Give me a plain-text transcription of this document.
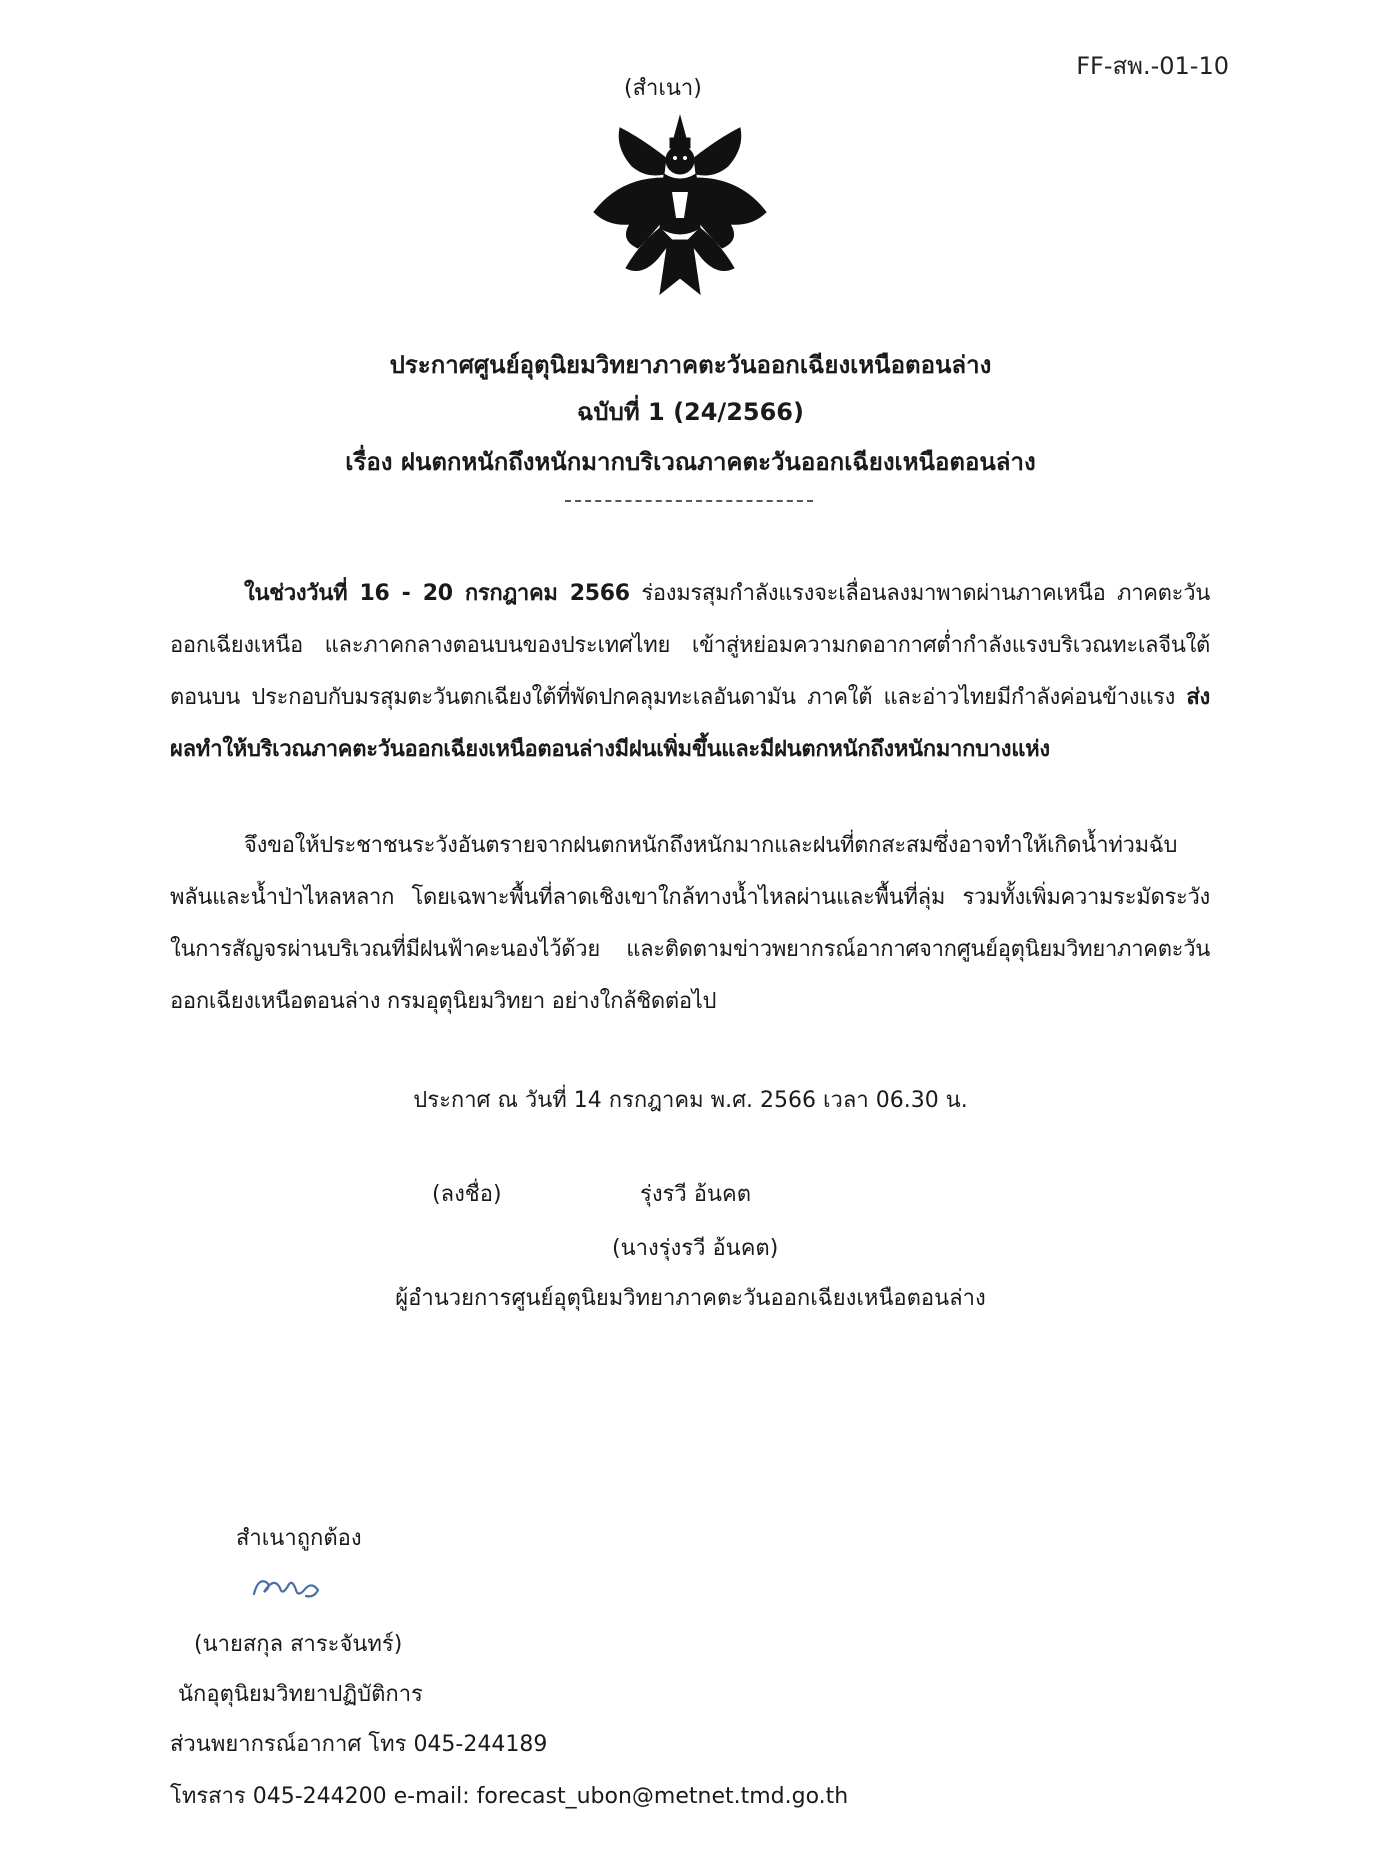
FF-สพ.-01-10
(สำเนา)
ประกาศศูนย์อุตุนิยมวิทยาภาคตะวันออกเฉียงเหนือตอนล่าง
ฉบับที่ 1 (24/2566)
เรื่อง ฝนตกหนักถึงหนักมากบริเวณภาคตะวันออกเฉียงเหนือตอนล่าง
ในช่วงวันที่ 16 - 20 กรกฎาคม 2566 ร่องมรสุมกำลังแรงจะเลื่อนลงมาพาดผ่านภาคเหนือ ภาคตะวันออกเฉียงเหนือ และภาคกลางตอนบนของประเทศไทย เข้าสู่หย่อมความกดอากาศต่ำกำลังแรงบริเวณทะเลจีนใต้ตอนบน ประกอบกับมรสุมตะวันตกเฉียงใต้ที่พัดปกคลุมทะเลอันดามัน ภาคใต้ และอ่าวไทยมีกำลังค่อนข้างแรง ส่งผลทำให้บริเวณภาคตะวันออกเฉียงเหนือตอนล่างมีฝนเพิ่มขึ้นและมีฝนตกหนักถึงหนักมากบางแห่ง
จึงขอให้ประชาชนระวังอันตรายจากฝนตกหนักถึงหนักมากและฝนที่ตกสะสมซึ่งอาจทำให้เกิดน้ำท่วมฉับพลันและน้ำป่าไหลหลาก โดยเฉพาะพื้นที่ลาดเชิงเขาใกล้ทางน้ำไหลผ่านและพื้นที่ลุ่ม รวมทั้งเพิ่มความระมัดระวังในการสัญจรผ่านบริเวณที่มีฝนฟ้าคะนองไว้ด้วย และติดตามข่าวพยากรณ์อากาศจากศูนย์อุตุนิยมวิทยาภาคตะวันออกเฉียงเหนือตอนล่าง กรมอุตุนิยมวิทยา อย่างใกล้ชิดต่อไป
ประกาศ ณ วันที่ 14 กรกฎาคม พ.ศ. 2566 เวลา 06.30 น.
(ลงชื่อ)	รุ่งรวี อ้นคต
(นางรุ่งรวี อ้นคต)
ผู้อำนวยการศูนย์อุตุนิยมวิทยาภาคตะวันออกเฉียงเหนือตอนล่าง
สำเนาถูกต้อง
(นายสกุล สาระจันทร์)
นักอุตุนิยมวิทยาปฏิบัติการ
ส่วนพยากรณ์อากาศ โทร 045-244189
โทรสาร 045-244200 e-mail: forecast_ubon@metnet.tmd.go.th
